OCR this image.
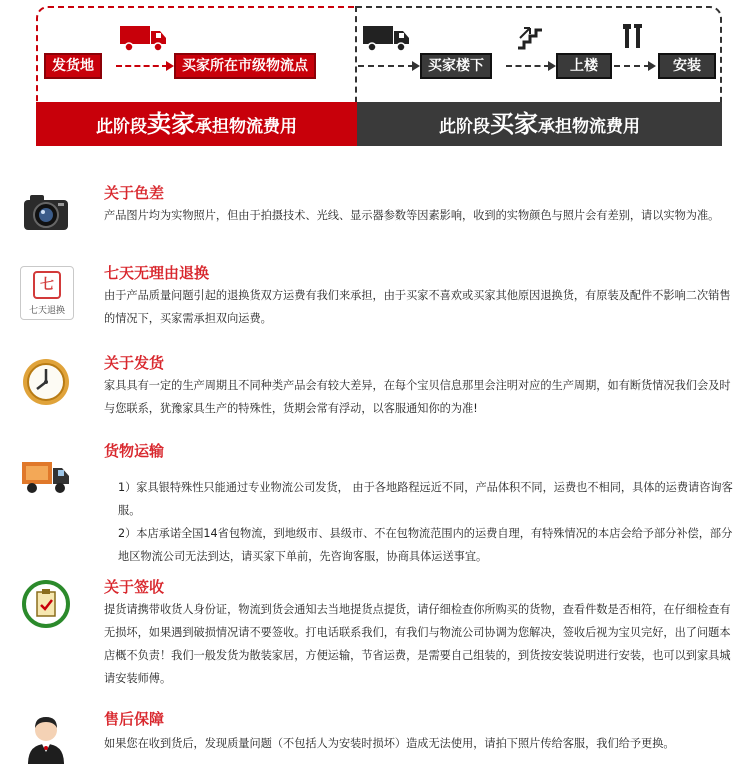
发货地	买家所在市级物流点	买家楼下	上楼	安装
此阶段卖家承担物流费用	此阶段买家承担物流费用
关于色差

产品图片均为实物照片，但由于拍摄技术、光线、显示器参数等因素影响，收到的实物颜色与照片会有差别，请以实物为准。

七
七天退换
七天无理由退换

由于产品质量问题引起的退换货双方运费有我们来承担，由于买家不喜欢或买家其他原因退换货，有原装及配件不影响二次销售的情况下，买家需承担双向运费。

关于发货

家具具有一定的生产周期且不同种类产品会有较大差异，在每个宝贝信息那里会注明对应的生产周期，如有断货情况我们会及时与您联系，犹豫家具生产的特殊性，货期会常有浮动，以客服通知你的为准!

货物运输

1）家具银特殊性只能通过专业物流公司发货， 由于各地路程远近不同，产品体积不同，运费也不相同，具体的运费请咨询客服。

2）本店承诺全国14省包物流，到地级市、县级市、不在包物流范围内的运费自理，有特殊情况的本店会给予部分补偿，部分地区物流公司无法到达，请买家下单前，先咨询客服，协商具体运送事宜。

关于签收

提货请携带收货人身份证，物流到货会通知去当地提货点提货，请仔细检查你所购买的货物，查看件数是否相符，在仔细检查有无损坏，如果遇到破损情况请不要签收。打电话联系我们，有我们与物流公司协调为您解决，签收后视为宝贝完好，出了问题本店概不负责！我们一般发货为散装家居，方便运输，节省运费，是需要自己组装的，到货按安装说明进行安装，也可以到家具城请安装师傅。

售后保障

如果您在收到货后，发现质量问题（不包括人为安装时损坏）造成无法使用，请拍下照片传给客服，我们给予更换。
